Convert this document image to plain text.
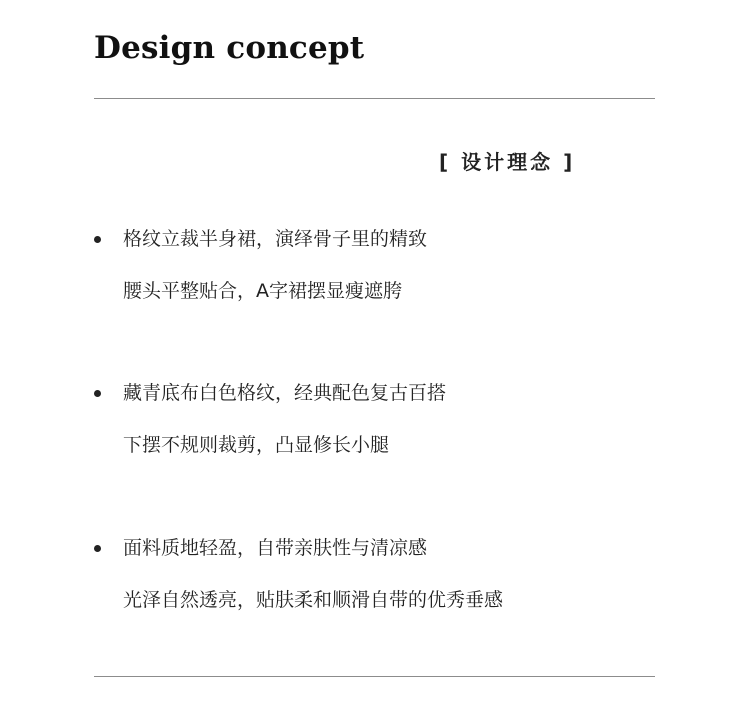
Design concept
[ 设计理念 ]
格纹立裁半身裙，演绎骨子里的精致
腰头平整贴合，A字裙摆显瘦遮胯
藏青底布白色格纹，经典配色复古百搭
下摆不规则裁剪，凸显修长小腿
面料质地轻盈，自带亲肤性与清凉感
光泽自然透亮，贴肤柔和顺滑自带的优秀垂感
